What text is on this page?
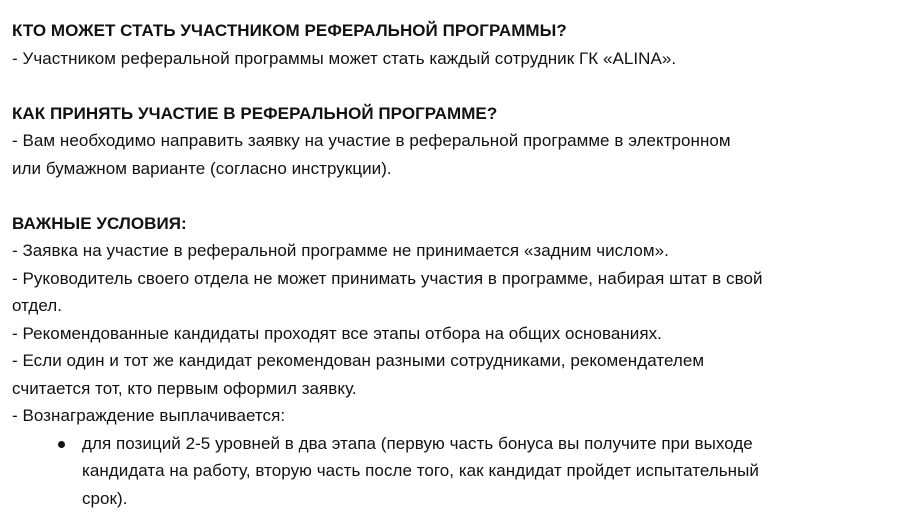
КТО МОЖЕТ СТАТЬ УЧАСТНИКОМ РЕФЕРАЛЬНОЙ ПРОГРАММЫ?

- Участником реферальной программы может стать каждый сотрудник ГК «ALINA».

КАК ПРИНЯТЬ УЧАСТИЕ В РЕФЕРАЛЬНОЙ ПРОГРАММЕ?

- Вам необходимо направить заявку на участие в реферальной программе в электронном

или бумажном варианте (согласно инструкции).

ВАЖНЫЕ УСЛОВИЯ:

- Заявка на участие в реферальной программе не принимается «задним числом».

- Руководитель своего отдела не может принимать участия в программе, набирая штат в свой

отдел.

- Рекомендованные кандидаты проходят все этапы отбора на общих основаниях.

- Если один и тот же кандидат рекомендован разными сотрудниками, рекомендателем

считается тот, кто первым оформил заявку.

- Вознаграждение выплачивается:

для позиций 2-5 уровней в два этапа (первую часть бонуса вы получите при выходе

кандидата на работу, вторую часть после того, как кандидат пройдет испытательный

срок).
